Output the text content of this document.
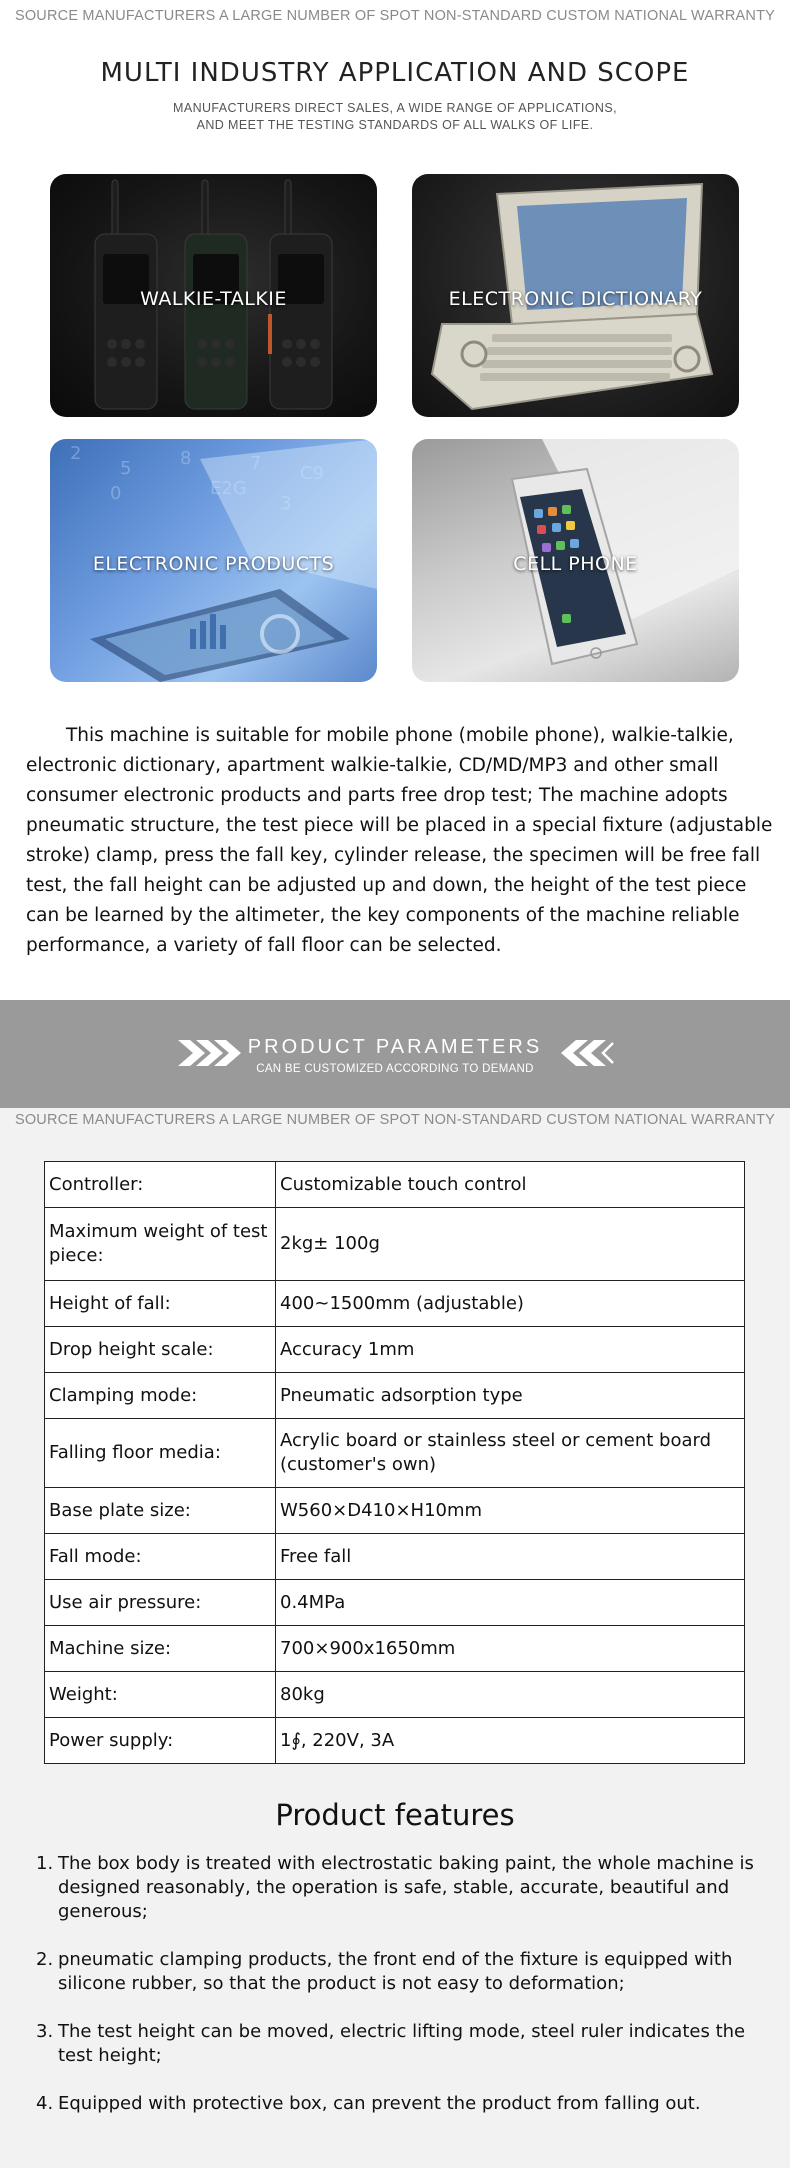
SOURCE MANUFACTURERS A LARGE NUMBER OF SPOT NON-STANDARD CUSTOM NATIONAL WARRANTY
MULTI INDUSTRY APPLICATION AND SCOPE
MANUFACTURERS DIRECT SALES, A WIDE RANGE OF APPLICATIONS,
AND MEET THE TESTING STANDARDS OF ALL WALKS OF LIFE.
WALKIE-TALKIE	ELECTRONIC DICTIONARY
2
5	8	7 C9
0	E2G
3
ELECTRONIC PRODUCTS	CELL PHONE

This machine is suitable for mobile phone (mobile phone), walkie-talkie, electronic dictionary, apartment walkie-talkie, CD/MD/MP3 and other small consumer electronic products and parts free drop test; The machine adopts pneumatic structure, the test piece will be placed in a special fixture (adjustable stroke) clamp, press the fall key, cylinder release, the specimen will be free fall test, the fall height can be adjusted up and down, the height of the test piece can be learned by the altimeter, the key components of the machine reliable performance, a variety of fall floor can be selected.

PRODUCT PARAMETERS
CAN BE CUSTOMIZED ACCORDING TO DEMAND
SOURCE MANUFACTURERS A LARGE NUMBER OF SPOT NON-STANDARD CUSTOM NATIONAL WARRANTY
Controller:	Customizable touch control
Maximum weight of test piece:	2kg± 100g
Height of fall:	400~1500mm (adjustable)
Drop height scale:	Accuracy 1mm
Clamping mode:	Pneumatic adsorption type
Falling floor media:	Acrylic board or stainless steel or cement board (customer's own)
Base plate size:	W560×D410×H10mm
Fall mode:	Free fall
Use air pressure:	0.4MPa
Machine size:	700×900x1650mm
Weight:	80kg
Power supply:	1∮, 220V, 3A
Product features
1. The box body is treated with electrostatic baking paint, the whole machine is designed reasonably, the operation is safe, stable, accurate, beautiful and generous;
2. pneumatic clamping products, the front end of the fixture is equipped with silicone rubber, so that the product is not easy to deformation;
3. The test height can be moved, electric lifting mode, steel ruler indicates the test height;
4. Equipped with protective box, can prevent the product from falling out.
